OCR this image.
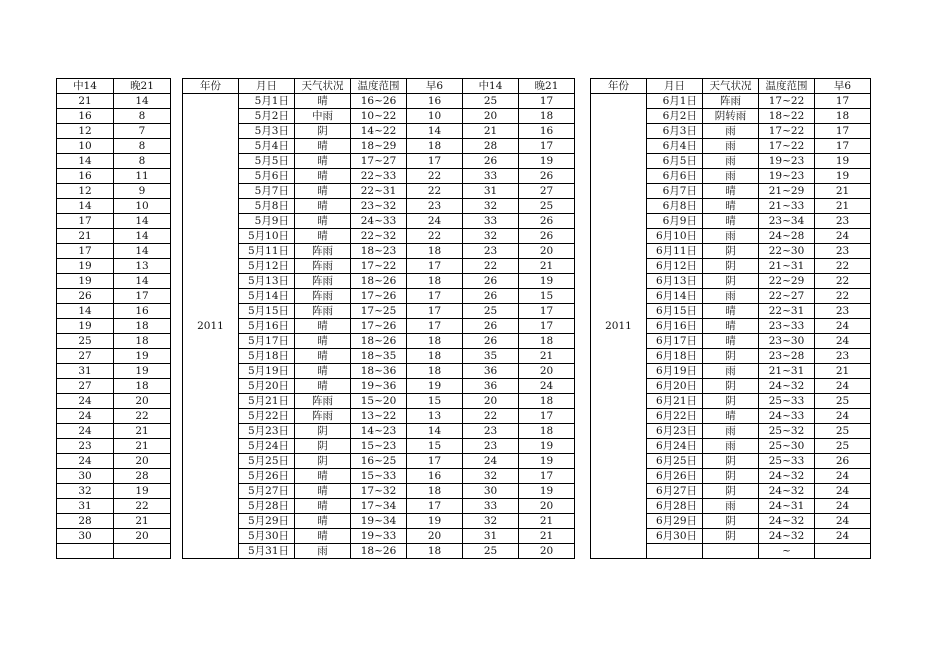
中14	晚21
21	14
16	8
12	7
10	8
14	8
16	11
12	9
14	10
17	14
21	14
17	14
19	13
19	14
26	17
14	16
19	18
25	18
27	19
31	19
27	18
24	20
24	22
24	21
23	21
24	20
30	28
32	19
31	22
28	21
30	20

年份	月日	天气状况	温度范围	早6	中14	晚21
2011	5月1日	晴	16~26	16	25	17
	5月2日	中雨	10~22	10	20	18
	5月3日	阴	14~22	14	21	16
	5月4日	晴	18~29	18	28	17
	5月5日	晴	17~27	17	26	19
	5月6日	晴	22~33	22	33	26
	5月7日	晴	22~31	22	31	27
	5月8日	晴	23~32	23	32	25
	5月9日	晴	24~33	24	33	26
	5月10日	晴	22~32	22	32	26
	5月11日	阵雨	18~23	18	23	20
	5月12日	阵雨	17~22	17	22	21
	5月13日	阵雨	18~26	18	26	19
	5月14日	阵雨	17~26	17	26	15
	5月15日	阵雨	17~25	17	25	17
	5月16日	晴	17~26	17	26	17
	5月17日	晴	18~26	18	26	18
	5月18日	晴	18~35	18	35	21
	5月19日	晴	18~36	18	36	20
	5月20日	晴	19~36	19	36	24
	5月21日	阵雨	15~20	15	20	18
	5月22日	阵雨	13~22	13	22	17
	5月23日	阴	14~23	14	23	18
	5月24日	阴	15~23	15	23	19
	5月25日	阴	16~25	17	24	19
	5月26日	晴	15~33	16	32	17
	5月27日	晴	17~32	18	30	19
	5月28日	晴	17~34	17	33	20
	5月29日	晴	19~34	19	32	21
	5月30日	晴	19~33	20	31	21
	5月31日	雨	18~26	18	25	20
年份	月日	天气状况	温度范围	早6
2011	6月1日	阵雨	17~22	17
	6月2日	阴转雨	18~22	18
	6月3日	雨	17~22	17
	6月4日	雨	17~22	17
	6月5日	雨	19~23	19
	6月6日	雨	19~23	19
	6月7日	晴	21~29	21
	6月8日	晴	21~33	21
	6月9日	晴	23~34	23
	6月10日	雨	24~28	24
	6月11日	阴	22~30	23
	6月12日	阴	21~31	22
	6月13日	阴	22~29	22
	6月14日	雨	22~27	22
	6月15日	晴	22~31	23
	6月16日	晴	23~33	24
	6月17日	晴	23~30	24
	6月18日	阴	23~28	23
	6月19日	雨	21~31	21
	6月20日	阴	24~32	24
	6月21日	阴	25~33	25
	6月22日	晴	24~33	24
	6月23日	雨	25~32	25
	6月24日	雨	25~30	25
	6月25日	阴	25~33	26
	6月26日	阴	24~32	24
	6月27日	阴	24~32	24
	6月28日	雨	24~31	24
	6月29日	阴	24~32	24
	6月30日	阴	24~32	24
			~	
